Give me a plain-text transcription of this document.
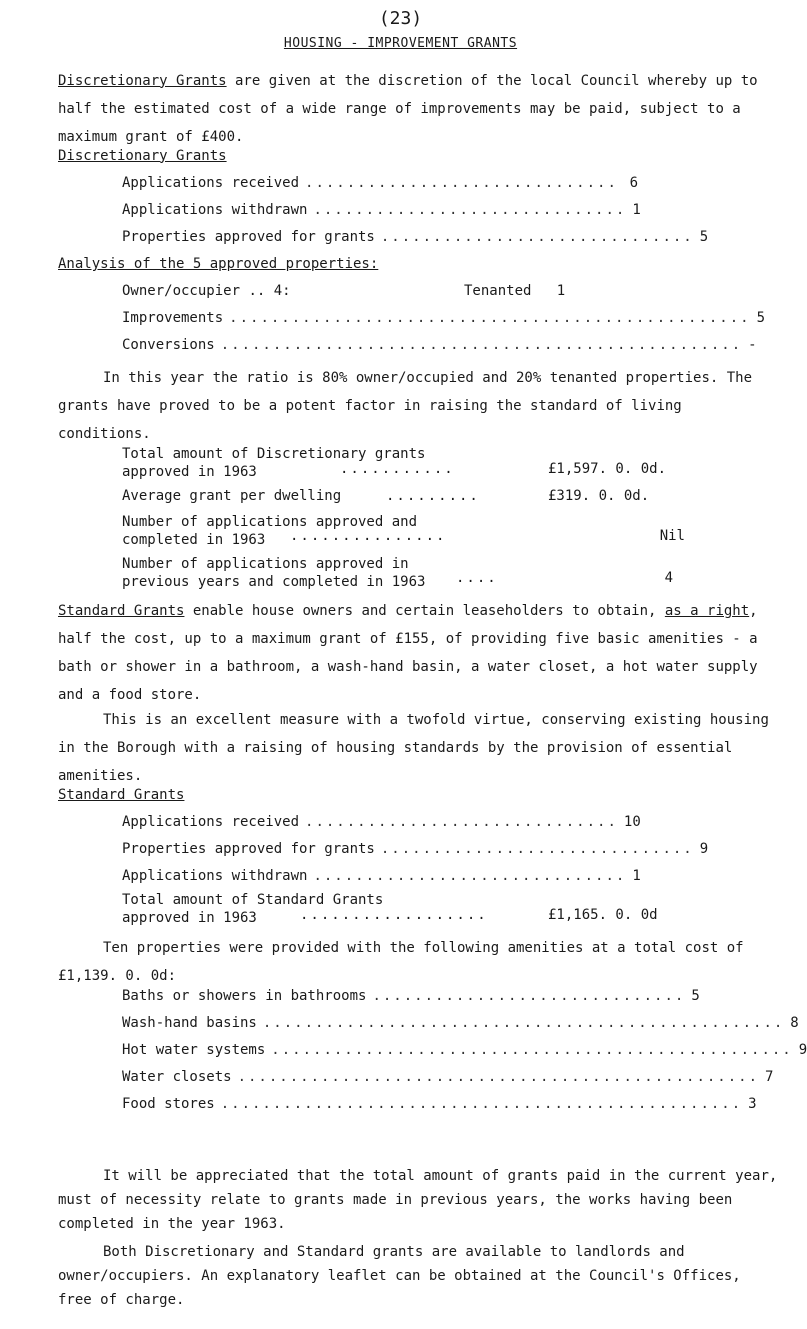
(23)
HOUSING - IMPROVEMENT GRANTS
Discretionary Grants are given at the discretion of the local Council whereby up to half the estimated cost of a wide range of improvements may be paid, subject to a maximum grant of £400.
Discretionary Grants
Applications received .............................. 6
Applications withdrawn .............................. 1
Properties approved for grants .............................. 5
Analysis of the 5 approved properties:
Owner/occupier .. 4:	Tenanted 1
Improvements .................................................. 5
Conversions .................................................. -
In this year the ratio is 80% owner/occupied and 20% tenanted properties. The grants have proved to be a potent factor in raising the standard of living conditions.
Total amount of Discretionary grants
approved in 1963	...........	£1,597. 0. 0d.
Average grant per dwelling	.........	£319. 0. 0d.
Number of applications approved and
completed in 1963	...............	Nil
Number of applications approved in
previous years and completed in 1963 ....	4
Standard Grants enable house owners and certain leaseholders to obtain, as a right, half the cost, up to a maximum grant of £155, of providing five basic amenities - a bath or shower in a bathroom, a wash-hand basin, a water closet, a hot water supply and a food store.
This is an excellent measure with a twofold virtue, conserving existing housing in the Borough with a raising of housing standards by the provision of essential amenities.
Standard Grants
Applications received .............................. 10
Properties approved for grants .............................. 9
Applications withdrawn .............................. 1
Total amount of Standard Grants
approved in 1963	..................	£1,165. 0. 0d
Ten properties were provided with the following amenities at a total cost of £1,139. 0. 0d:
Baths or showers in bathrooms .............................. 5
Wash-hand basins .................................................. 8
Hot water systems .................................................. 9
Water closets .................................................. 7
Food stores .................................................. 3
It will be appreciated that the total amount of grants paid in the current year, must of necessity relate to grants made in previous years, the works having been completed in the year 1963.
Both Discretionary and Standard grants are available to landlords and owner/occupiers. An explanatory leaflet can be obtained at the Council's Offices, free of charge.
